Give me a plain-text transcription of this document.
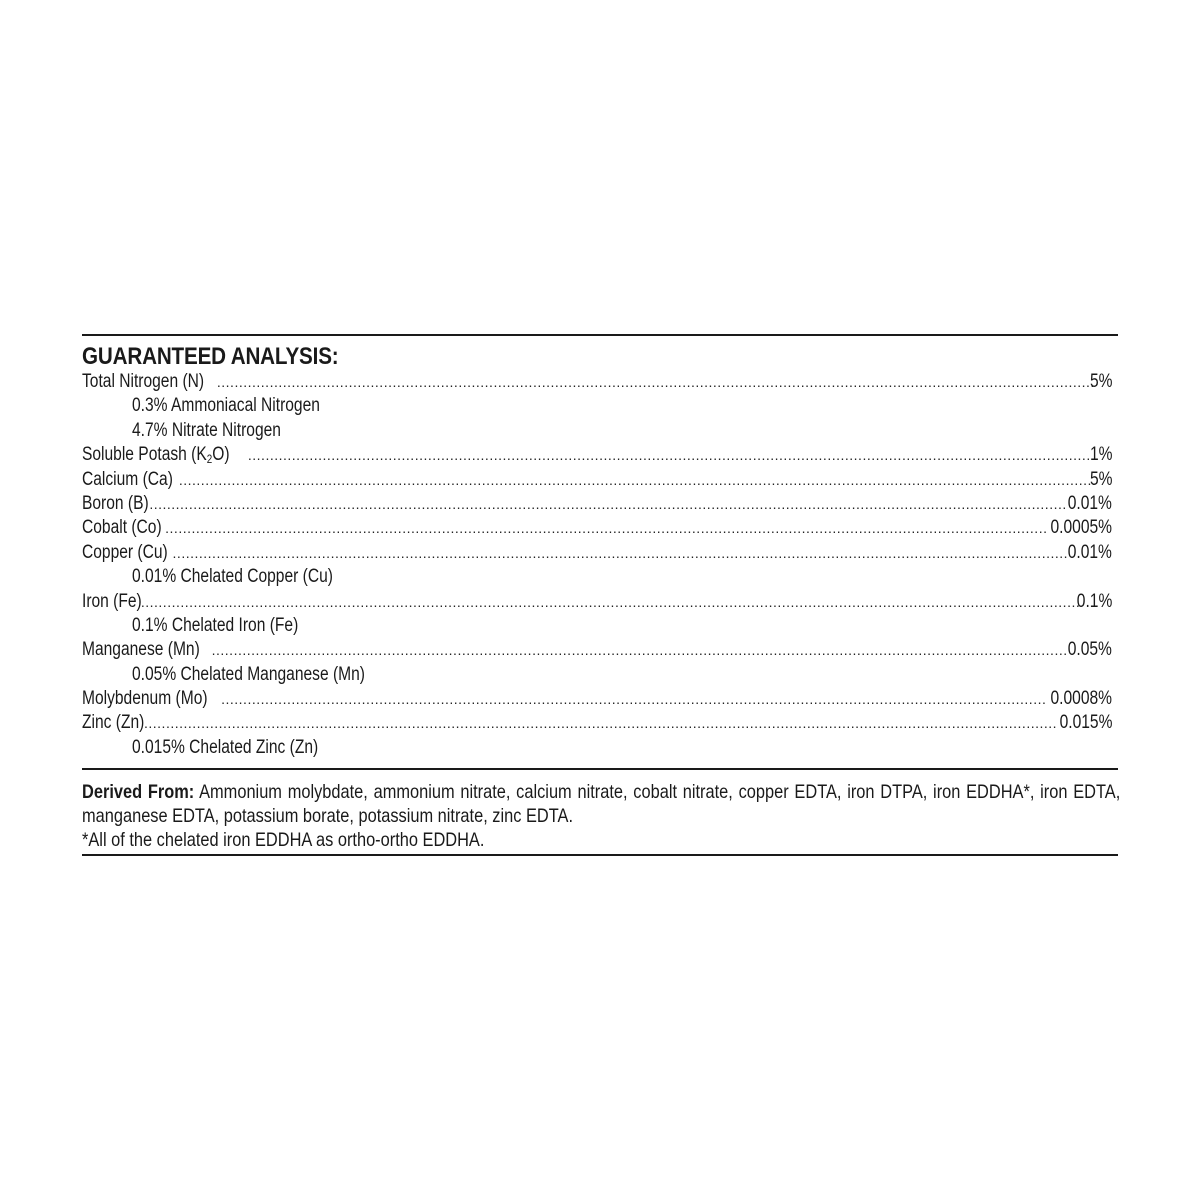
GUARANTEED ANALYSIS:
Total Nitrogen (N) .....	5%
0.3% Ammoniacal Nitrogen
4.7% Nitrate Nitrogen
Soluble Potash $(K_2O)$ .....	1%
Calcium (Ca) .....	5%
Boron (B) .....	0.01%
Cobalt (Co) .....	0.0005%
Copper (Cu) .....	0.01%
0.01% Chelated Copper (Cu)
Iron (Fe) .....	0.1%
0.1% Chelated Iron (Fe)
Manganese (Mn) .....	0.05%
0.05% Chelated Manganese (Mn)
Molybdenum (Mo) .....	0.0008%
Zinc (Zn) .....	0.015%
0.015% Chelated Zinc (Zn)
Derived From: Ammonium molybdate, ammonium nitrate, calcium nitrate, cobalt nitrate, copper EDTA, iron DTPA, iron EDDHA*, iron EDTA, manganese EDTA, potassium borate, potassium nitrate, zinc EDTA.
*All of the chelated iron EDDHA as ortho-ortho EDDHA.
